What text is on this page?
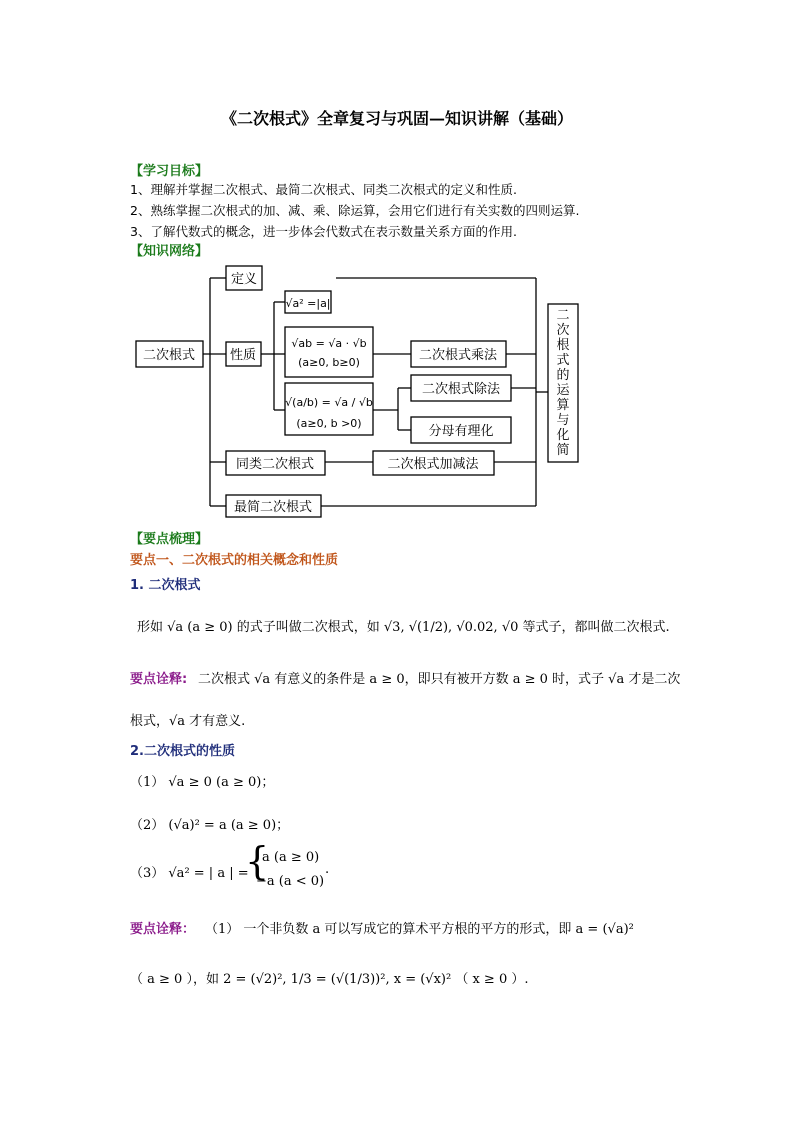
《二次根式》全章复习与巩固—知识讲解（基础）
【学习目标】
1、理解并掌握二次根式、最简二次根式、同类二次根式的定义和性质.
2、熟练掌握二次根式的加、减、乘、除运算，会用它们进行有关实数的四则运算.
3、了解代数式的概念，进一步体会代数式在表示数量关系方面的作用.
【知识网络】
二次根式
定义
性质
√a² =|a|
√ab = √a · √b
(a≥0, b≥0)
√(a/b) = √a / √b
(a≥0, b >0)
二次根式乘法
二次根式除法
分母有理化
同类二次根式	二次根式加减法
最简二次根式
二
次
根
式
的
运
算
与
化
简
【要点梳理】
要点一、二次根式的相关概念和性质
1. 二次根式
形如 √a (a ≥ 0) 的式子叫做二次根式，如 √3, √(1/2), √0.02, √0 等式子，都叫做二次根式.
要点诠释: 二次根式 √a 有意义的条件是 a ≥ 0，即只有被开方数 a ≥ 0 时，式子 √a 才是二次
根式，√a 才有意义.
2.二次根式的性质
（1） √a ≥ 0 (a ≥ 0)；
（2） (√a)² = a (a ≥ 0)；
（3） √a² = | a | =
{
a (a ≥ 0)
−a (a < 0)
.
要点诠释： （1） 一个非负数 a 可以写成它的算术平方根的平方的形式，即 a = (√a)²
（ a ≥ 0 ），如 2 = (√2)², 1/3 = (√(1/3))², x = (√x)² （ x ≥ 0 ）.
